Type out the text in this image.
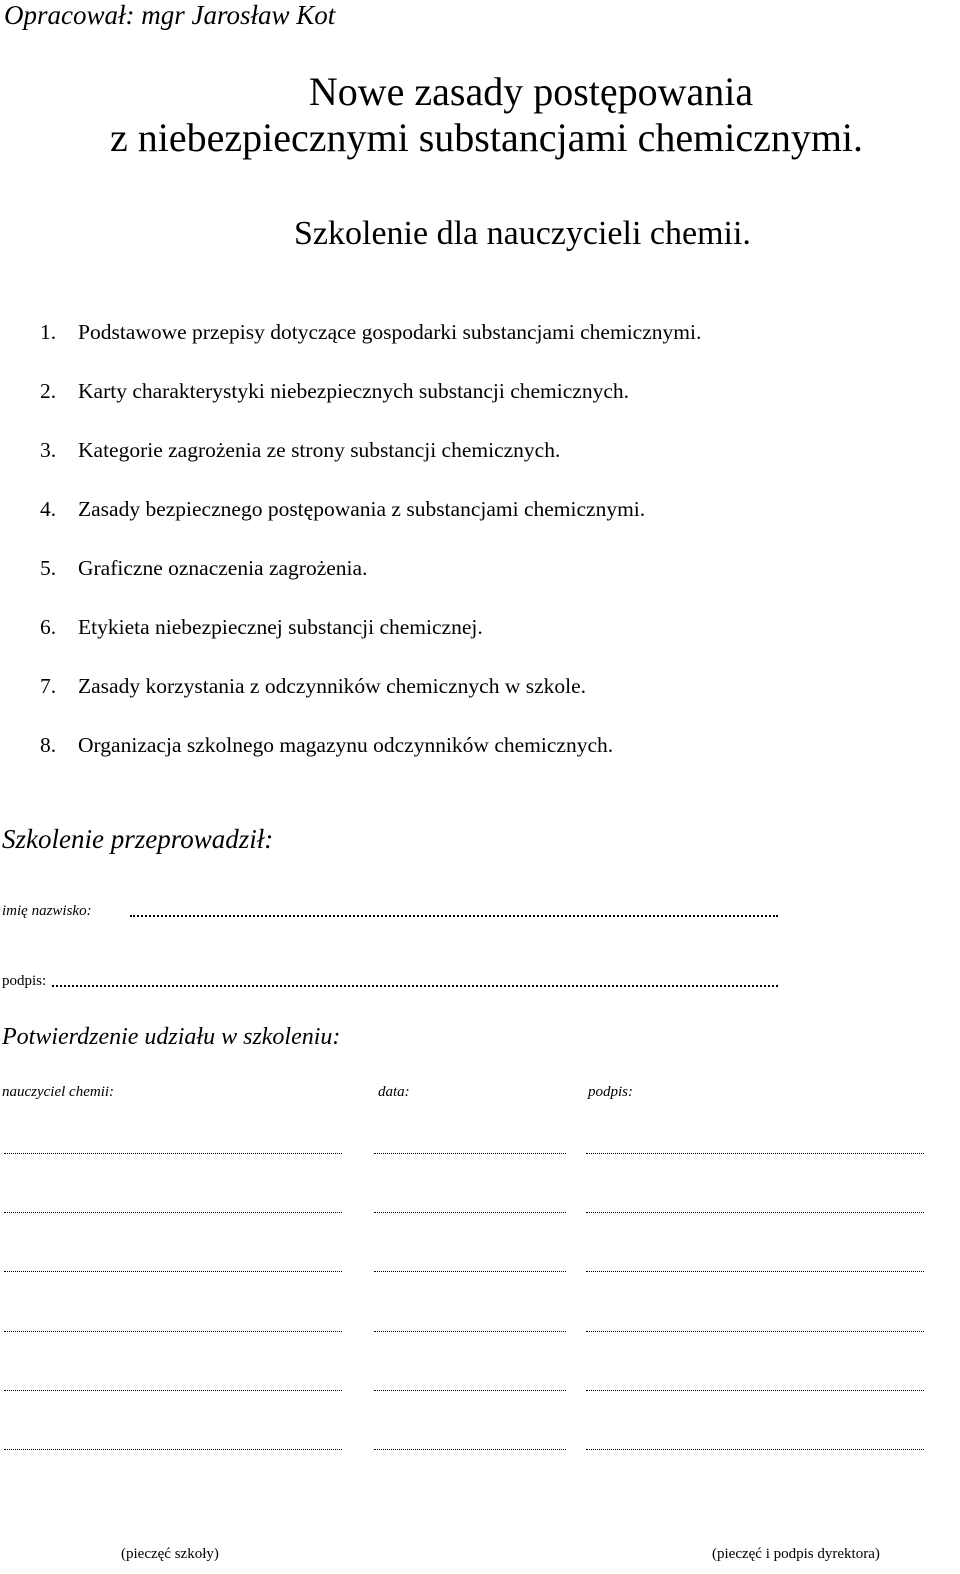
Opracował: mgr Jarosław Kot
Nowe zasady postępowania
z niebezpiecznymi substancjami chemicznymi.
Szkolenie dla nauczycieli chemii.
1. Podstawowe przepisy dotyczące gospodarki substancjami chemicznymi.
2. Karty charakterystyki niebezpiecznych substancji chemicznych.
3. Kategorie zagrożenia ze strony substancji chemicznych.
4. Zasady bezpiecznego postępowania z substancjami chemicznymi.
5. Graficzne oznaczenia zagrożenia.
6. Etykieta niebezpiecznej substancji chemicznej.
7. Zasady korzystania z odczynników chemicznych w szkole.
8. Organizacja szkolnego magazynu odczynników chemicznych.
Szkolenie przeprowadził:
imię nazwisko:
podpis:
Potwierdzenie udziału w szkoleniu:
nauczyciel chemii:	data:	podpis:
(pieczęć szkoły)	(pieczęć i podpis dyrektora)
